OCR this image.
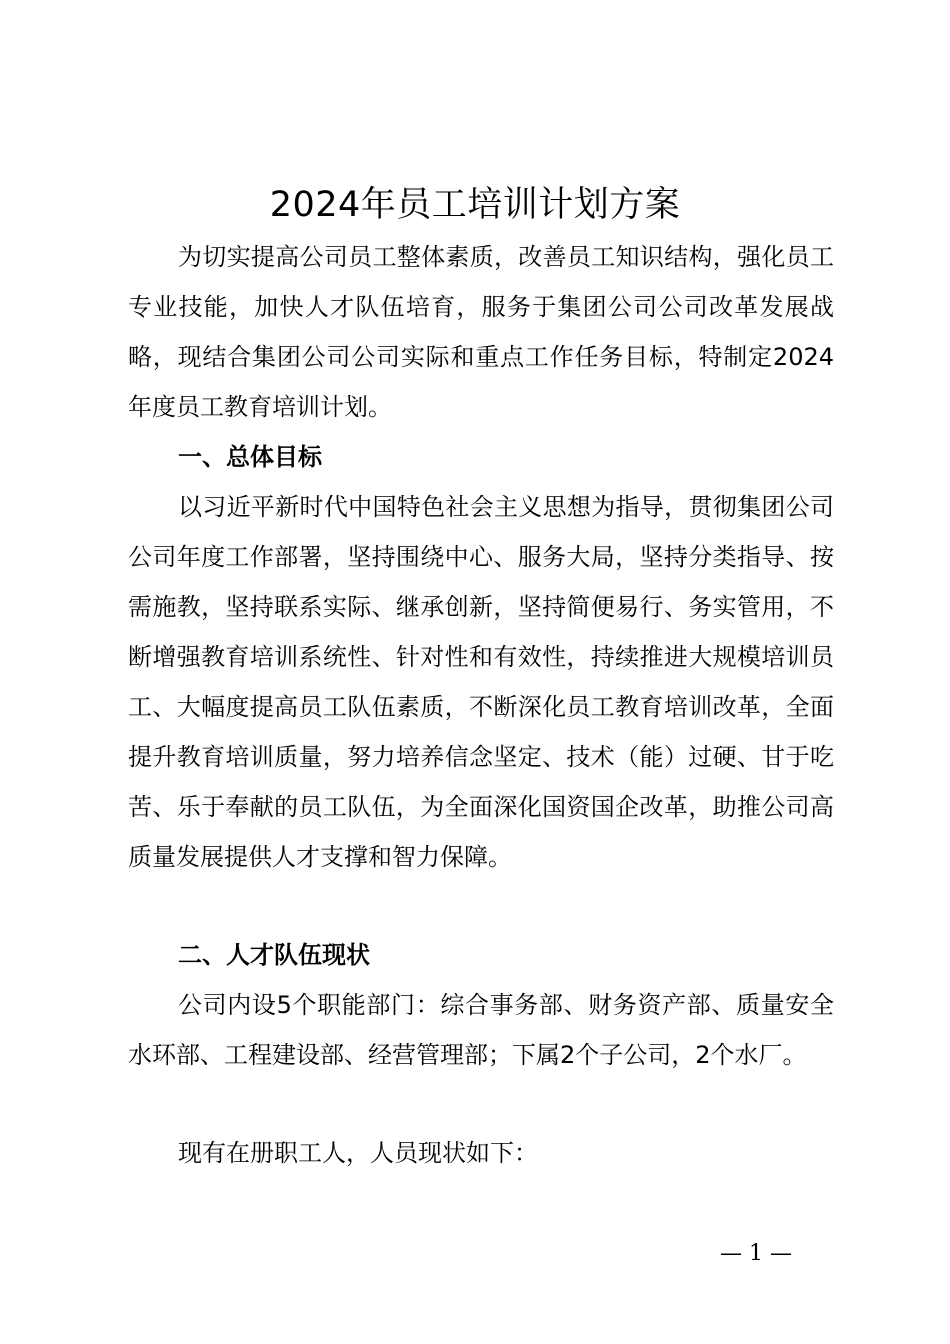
2024年员工培训计划方案

为切实提高公司员工整体素质，改善员工知识结构，强化员工专业技能，加快人才队伍培育，服务于集团公司公司改革发展战略，现结合集团公司公司实际和重点工作任务目标，特制定2024年度员工教育培训计划。

一、总体目标

以习近平新时代中国特色社会主义思想为指导，贯彻集团公司公司年度工作部署，坚持围绕中心、服务大局，坚持分类指导、按需施教，坚持联系实际、继承创新，坚持简便易行、务实管用，不断增强教育培训系统性、针对性和有效性，持续推进大规模培训员工、大幅度提高员工队伍素质，不断深化员工教育培训改革，全面提升教育培训质量，努力培养信念坚定、技术（能）过硬、甘于吃苦、乐于奉献的员工队伍，为全面深化国资国企改革，助推公司高质量发展提供人才支撑和智力保障。

二、人才队伍现状

公司内设5个职能部门：综合事务部、财务资产部、质量安全水环部、工程建设部、经营管理部；下属2个子公司，2个水厂。

现有在册职工人，人员现状如下：

— 1 —
